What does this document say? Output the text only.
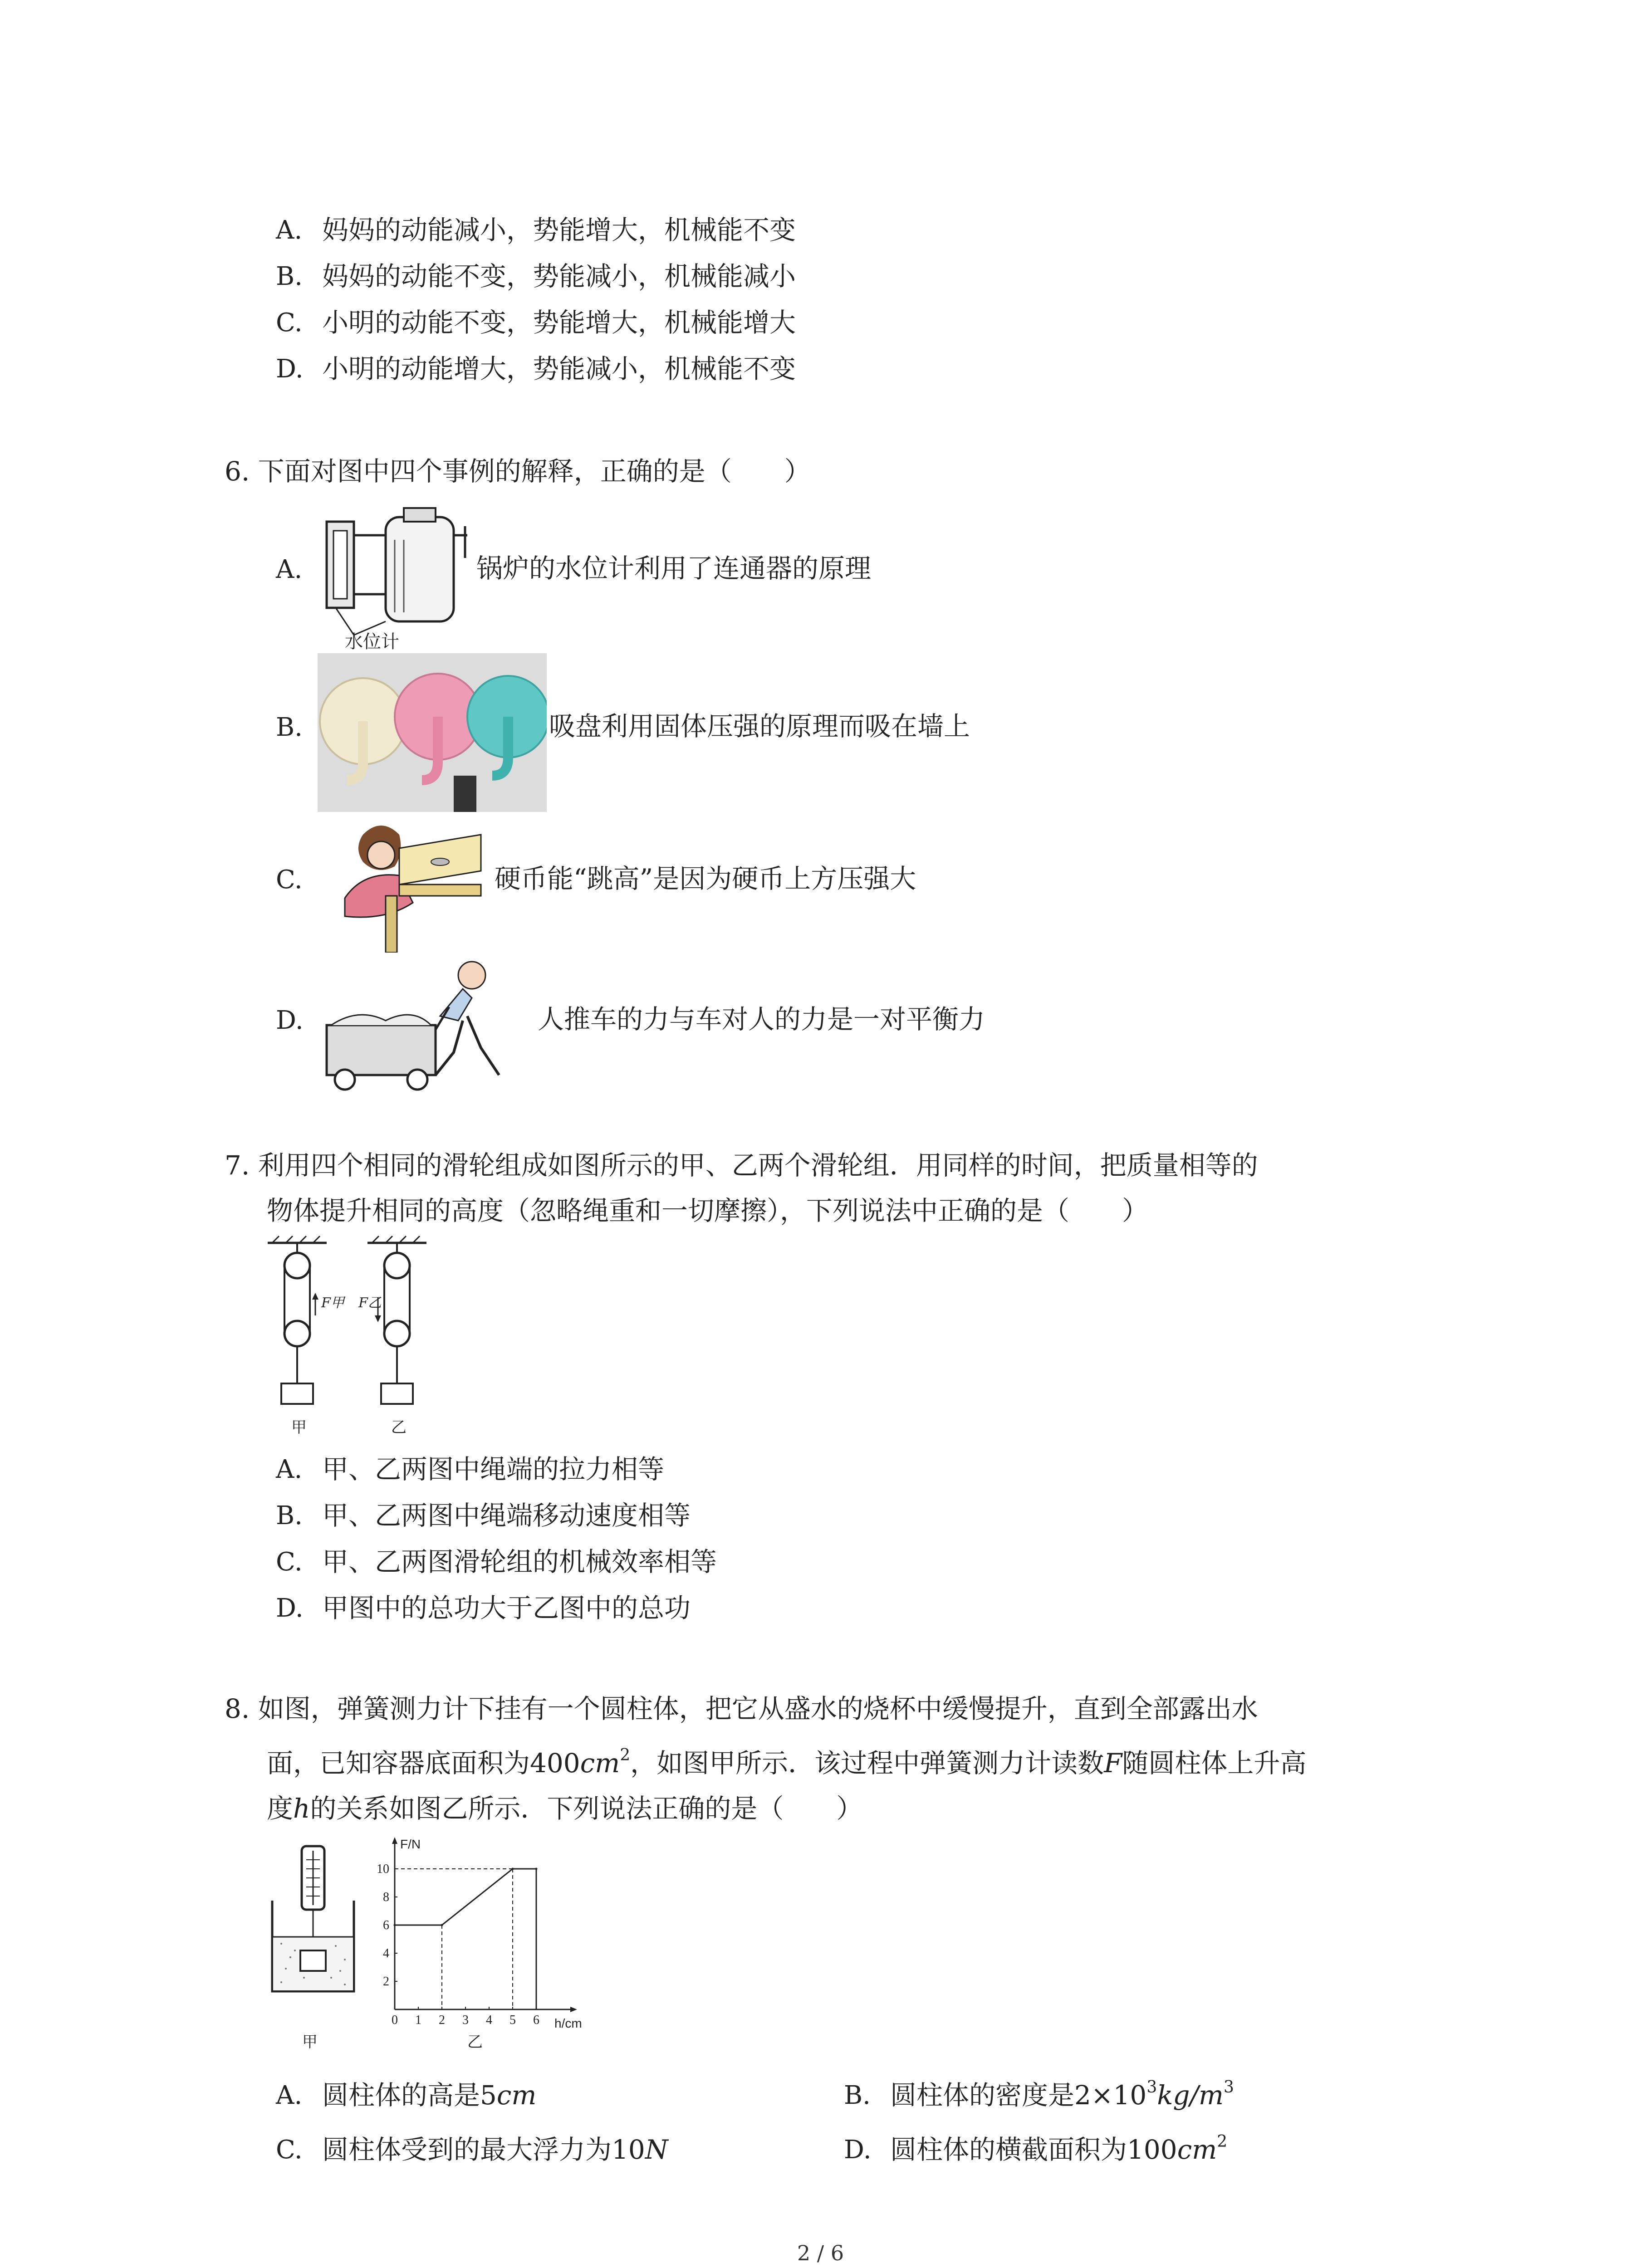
A. 妈妈的动能减小，势能增大，机械能不变
B. 妈妈的动能不变，势能减小，机械能减小
C. 小明的动能不变，势能增大，机械能增大
D. 小明的动能增大，势能减小，机械能不变
6. 下面对图中四个事例的解释，正确的是（　　）
A.
水位计
锅炉的水位计利用了连通器的原理
B.	吸盘利用固体压强的原理而吸在墙上
C.	硬币能“跳高”是因为硬币上方压强大
D.	人推车的力与车对人的力是一对平衡力
7. 利用四个相同的滑轮组成如图所示的甲、乙两个滑轮组．用同样的时间，把质量相等的
物体提升相同的高度（忽略绳重和一切摩擦），下列说法中正确的是（　　）
F甲 F乙
甲	乙
A. 甲、乙两图中绳端的拉力相等
B. 甲、乙两图中绳端移动速度相等
C. 甲、乙两图滑轮组的机械效率相等
D. 甲图中的总功大于乙图中的总功
8. 如图，弹簧测力计下挂有一个圆柱体，把它从盛水的烧杯中缓慢提升，直到全部露出水
面，已知容器底面积为$400cm^2$，如图甲所示．该过程中弹簧测力计读数F随圆柱体上升高
度h的关系如图乙所示．下列说法正确的是（　　）
甲
F/N
h/cm
0 1 2 3 4 5 6
2
4
6
8
10
乙
A. 圆柱体的高是5cm	B. 圆柱体的密度是$2\times 10^3kg/m^3$
C. 圆柱体受到的最大浮力为10N	D. 圆柱体的横截面积为$100cm^2$
2 / 6
